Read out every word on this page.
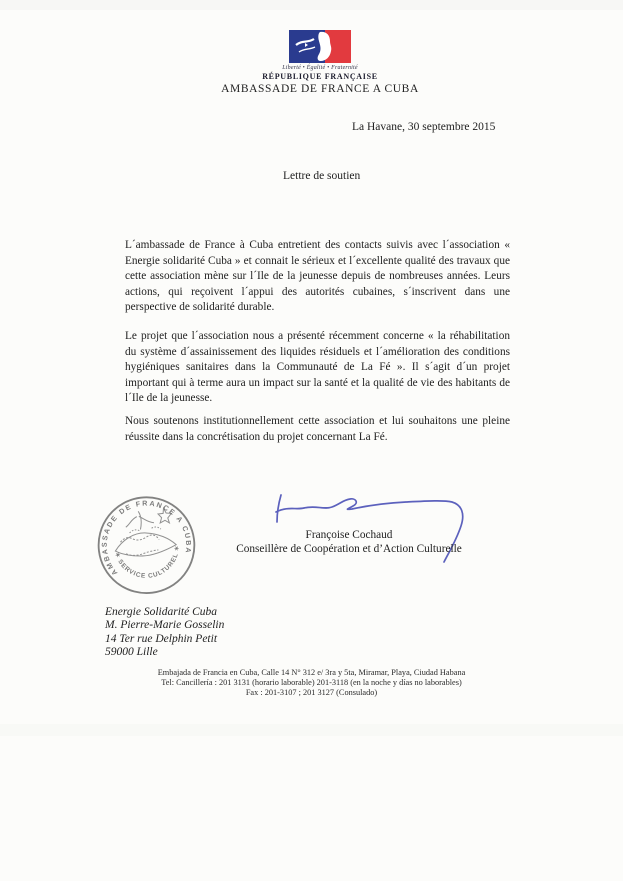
Liberté • Égalité • Fraternité
RÉPUBLIQUE FRANÇAISE
AMBASSADE DE FRANCE A CUBA
La Havane, 30 septembre 2015
Lettre de soutien

L´ambassade de France à Cuba entretient des contacts suivis avec l´association « Energie solidarité Cuba » et connait le sérieux et l´excellente qualité des travaux que cette association mène sur l´Ile de la jeunesse depuis de nombreuses années. Leurs actions, qui reçoivent l´appui des autorités cubaines, s´inscrivent dans une perspective de solidarité durable.

Le projet que l´association nous a présenté récemment concerne « la réhabilitation du système d´assainissement des liquides résiduels et l´amélioration des conditions hygiéniques sanitaires dans la Communauté de La Fé ». Il s´agit d´un projet important qui à terme aura un impact sur la santé et la qualité de vie des habitants de l´Ile de la jeunesse.

Nous soutenons institutionnellement cette association et lui souhaitons une pleine réussite dans la concrétisation du projet concernant La Fé.

AMBASSADE DE FRANCE A CUBA
✶ SERVICE CULTUREL ✶
Françoise Cochaud
Conseillère de Coopération et d’Action Culturelle
Energie Solidarité Cuba
M. Pierre-Marie Gosselin
14 Ter rue Delphin Petit
59000 Lille
Embajada de Francia en Cuba, Calle 14 N° 312 e/ 3ra y 5ta, Miramar, Playa, Ciudad Habana
Tel: Cancillería : 201 3131 (horario laborable) 201-3118 (en la noche y días no laborables)
Fax : 201-3107 ; 201 3127 (Consulado)
